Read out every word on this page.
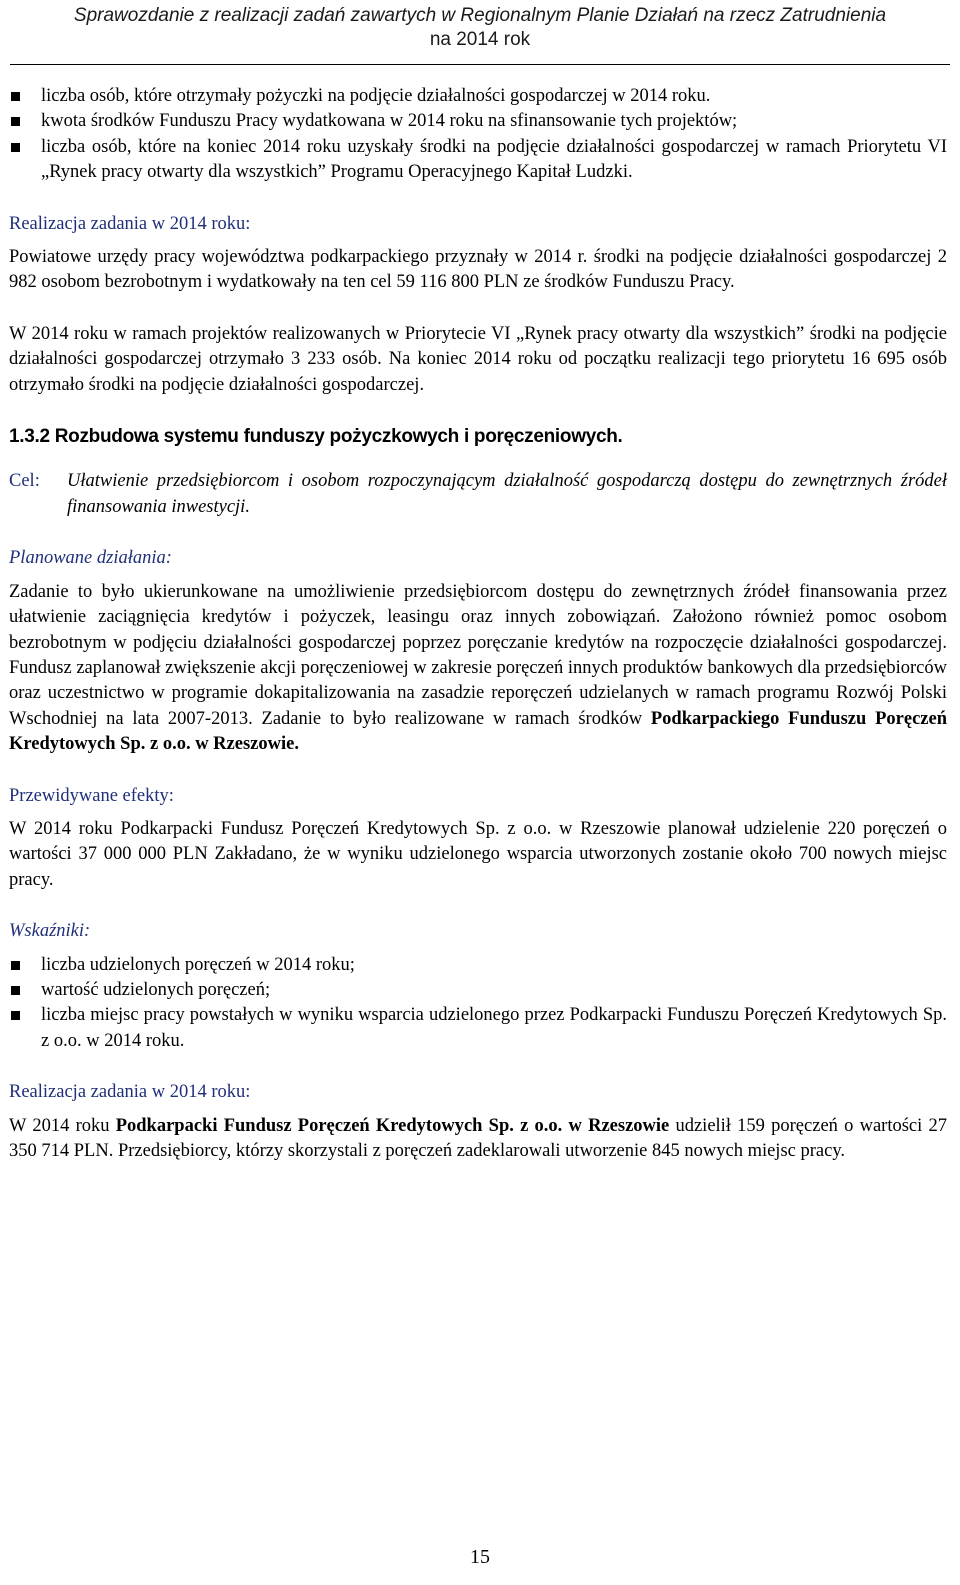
Sprawozdanie z realizacji zadań zawartych w Regionalnym Planie Działań na rzecz Zatrudnienia
na 2014 rok
liczba osób, które otrzymały pożyczki na podjęcie działalności gospodarczej w 2014 roku.
kwota środków Funduszu Pracy wydatkowana w 2014 roku na sfinansowanie tych projektów;
liczba osób, które na koniec 2014 roku uzyskały środki na podjęcie działalności gospodarczej w ramach Priorytetu VI „Rynek pracy otwarty dla wszystkich” Programu Operacyjnego Kapitał Ludzki.

Realizacja zadania w 2014 roku:

Powiatowe urzędy pracy województwa podkarpackiego przyznały w 2014 r. środki na podjęcie działalności gospodarczej 2 982 osobom bezrobotnym i wydatkowały na ten cel 59 116 800 PLN ze środków Funduszu Pracy.

W 2014 roku w ramach projektów realizowanych w Priorytecie VI „Rynek pracy otwarty dla wszystkich” środki na podjęcie działalności gospodarczej otrzymało 3 233 osób. Na koniec 2014 roku od początku realizacji tego priorytetu 16 695 osób otrzymało środki na podjęcie działalności gospodarczej.

1.3.2 Rozbudowa systemu funduszy pożyczkowych i poręczeniowych.

Cel:	Ułatwienie przedsiębiorcom i osobom rozpoczynającym działalność gospodarczą dostępu do zewnętrznych źródeł finansowania inwestycji.

Planowane działania:

Zadanie to było ukierunkowane na umożliwienie przedsiębiorcom dostępu do zewnętrznych źródeł finansowania przez ułatwienie zaciągnięcia kredytów i pożyczek, leasingu oraz innych zobowiązań. Założono również pomoc osobom bezrobotnym w podjęciu działalności gospodarczej poprzez poręczanie kredytów na rozpoczęcie działalności gospodarczej. Fundusz zaplanował zwiększenie akcji poręczeniowej w zakresie poręczeń innych produktów bankowych dla przedsiębiorców oraz uczestnictwo w programie dokapitalizowania na zasadzie reporęczeń udzielanych w ramach programu Rozwój Polski Wschodniej na lata 2007-2013. Zadanie to było realizowane w ramach środków Podkarpackiego Funduszu Poręczeń Kredytowych Sp. z o.o. w Rzeszowie.

Przewidywane efekty:

W 2014 roku Podkarpacki Fundusz Poręczeń Kredytowych Sp. z o.o. w Rzeszowie planował udzielenie 220 poręczeń o wartości 37 000 000 PLN Zakładano, że w wyniku udzielonego wsparcia utworzonych zostanie około 700 nowych miejsc pracy.

Wskaźniki:

liczba udzielonych poręczeń w 2014 roku;
wartość udzielonych poręczeń;
liczba miejsc pracy powstałych w wyniku wsparcia udzielonego przez Podkarpacki Funduszu Poręczeń Kredytowych Sp. z o.o. w 2014 roku.

Realizacja zadania w 2014 roku:

W 2014 roku Podkarpacki Fundusz Poręczeń Kredytowych Sp. z o.o. w Rzeszowie udzielił 159 poręczeń o wartości 27 350 714 PLN. Przedsiębiorcy, którzy skorzystali z poręczeń zadeklarowali utworzenie 845 nowych miejsc pracy.

15
